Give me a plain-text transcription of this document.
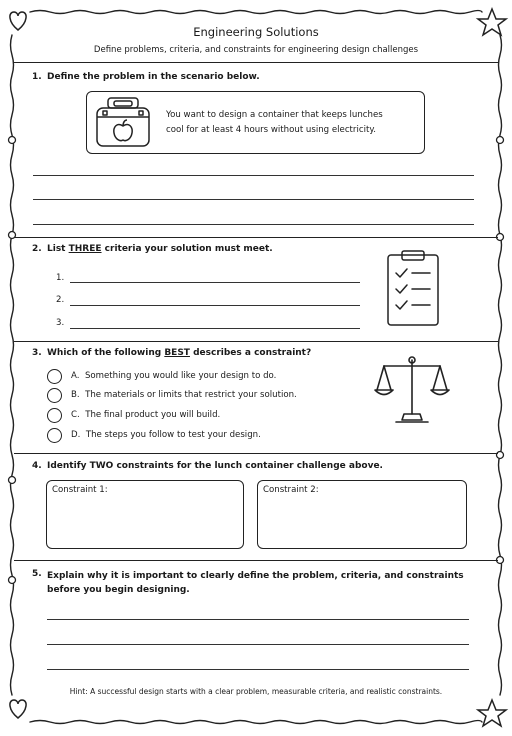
Engineering Solutions
Define problems, criteria, and constraints for engineering design challenges
1. Define the problem in the scenario below.
You want to design a container that keeps lunches
cool for at least 4 hours without using electricity.
2. List THREE criteria your solution must meet.
1.
2.
3.
3. Which of the following BEST describes a constraint?
A. Something you would like your design to do.
B. The materials or limits that restrict your solution.
C. The final product you will build.
D. The steps you follow to test your design.
4. Identify TWO constraints for the lunch container challenge above.
Constraint 1:	Constraint 2:
5. Explain why it is important to clearly define the problem, criteria, and constraints
before you begin designing.
Hint: A successful design starts with a clear problem, measurable criteria, and realistic constraints.
